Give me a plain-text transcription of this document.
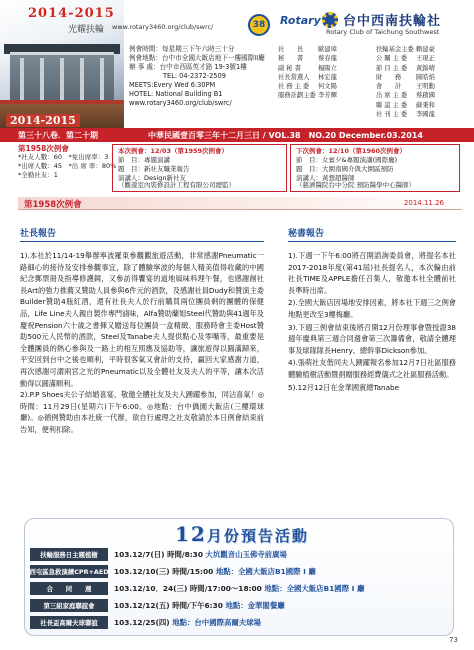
2014-2015
光耀扶輪 www.rotary3460.org/club/swrc/
2014-2015
38	Rotary 台中西南扶輪社
Rotary Club of Taichung Southwest
例會時間：每星期三下午六時三十分
例會地點：台中市全國大飯店地下一樓國際II廳
辦 事 處：台中市西區英才路 19-3號1樓
TEL: 04-2372-2509
MEETS:Every Wed 6:30PM
HOTEL: National Building B1
www.rotary3460.org/club/swrc/
社　　長 歐建璋
秘　　書 蔡春龍
副 秘 書	楊陽立
社長當選人 林宏龍
社 務 主 委 何文陽
服務計劃主委 李芳輝
扶輪基金主委 賴建豪
公 關 主 委 王現正
節 目 主 委 黃錦晴
財　　務 陳皓焰
會　　計 王明勳
出 席 主 委 蔡啟國
聯 誼 主 委 蘇秉和
社 刊 主 委 李國龍
第三十八卷．第二十期	中華民國壹百零三年十二月三日 / VOL.38　NO.20 December.03.2014
第1958次例會
*社友人數：60　*免出席率：3
*出席人數：45　*出 席 率：80%
*全勤社友：1
本次例會：12/03（第1959次例會）
節　目：專題演講
題　目：新社友職業報告
演講人：Design新社友
（觀遊室內裝修設計工程有限公司總監）
下次例會：12/10（第1960次例會）
節　目：女賓夕&專題演講(國際廳)
題　目：大園南國介與大園區預防
演講人：黃想超醫師
（慈濟醫院台中分院 預防醫學中心醫師）
第1958次例會	2014.11.26
社長報告

1).本社於11/14-19舉辦寧波羅東參觀觀旅遊活動，非常感謝Pneumatic一路細心的接待及安排參觀事宜，除了體驗寧波的每個人精美值得收藏的中國紀念郵票冊及指導修護鏡，又參訪得饗宴的道地風味料理午餐，也感謝創社長Art的強力推薦又贊助人員參與6件元的酒款，及感謝社員Dudy和贊演主委Builder贊助4瓶紅酒，還有社長夫人於行前購買兩位團員剩的團體的保健品，Life Line夫人親自製作專門滷味，Alfa贊助蘭姐Steel代贊助與41週年及慶祝Pension六十歲之書揮又贈送每位團員一盒精緻、服務時會主委Host贊助500元人民幣的酒款，Steel及Tanabe夫人提供點心及零嘴等，最重要是全體團員的熱心參與及一路上的相互照應及協助等，讓旅遊得以圓滿歸來，平安回到台中之後也順利，平時很客氣又會計的支持，贏回大家感謝力道，再次感謝可謂兩宮之光的Pneumatic以及全體社友及夫人的平等，讓本次活動得以圓滿順利。

2).P.P Shoes夫公子結婚喜宴，敬邀全體社友及夫人踴躍參加，同沾喜氣！◎時間：11月29日(星期六)下午6:00。◎地點：台中僑園大飯店(三樓環球廳)。◎循例贊助由本社統一代辦，欲自行處理之社友敬請於本日例會結束前告知，便利扣除。

秘書報告

1).下週一下午6:00將召開諮詢委員會，將提名本社2017-2018年度(第41屆)社長提名人，本次輪由前社長TIME及APPLE擔任召集人，敬邀本社全體前社長準時出席。

2).全國大飯店因場地安排因素，將本社下週三之例會地點更改至3樓梅廳。

3).下週三例會結束後將召開12月份理事會暨授證38週年慶典第三週合同週會第三次籌備會，敬請全體理事及球隊隊長Henry、總幹事Dickson參加。

4).張萌社友偕同夫人踴躍報名參加12月7日社區服務體驗植樹活動暨捐贈服務經費儀式之社區服務活動。

5).12月12日在金華國賓總Tanabe

12月份預告活動
扶輪服務日主題植樹	103.12/7(日) 時間/8:30 大坑觀音山玉佛寺前廣場
西屯區急救演練CPR+AED 103.12/10(三) 時間/15:00 地點：全國大飯店B1國際 I 廳
合　　同　　週	103.12/10．24(三) 時間/17:00～18:00 地點：全國大飯店B1國際 I 廳
第三組家庭聯誼會	103.12/12(五) 時間/下午6:30 地點：金華閣餐廳
社長盃高爾夫球聯誼	103.12/25(四) 地點：台中國際高爾夫球場
73
